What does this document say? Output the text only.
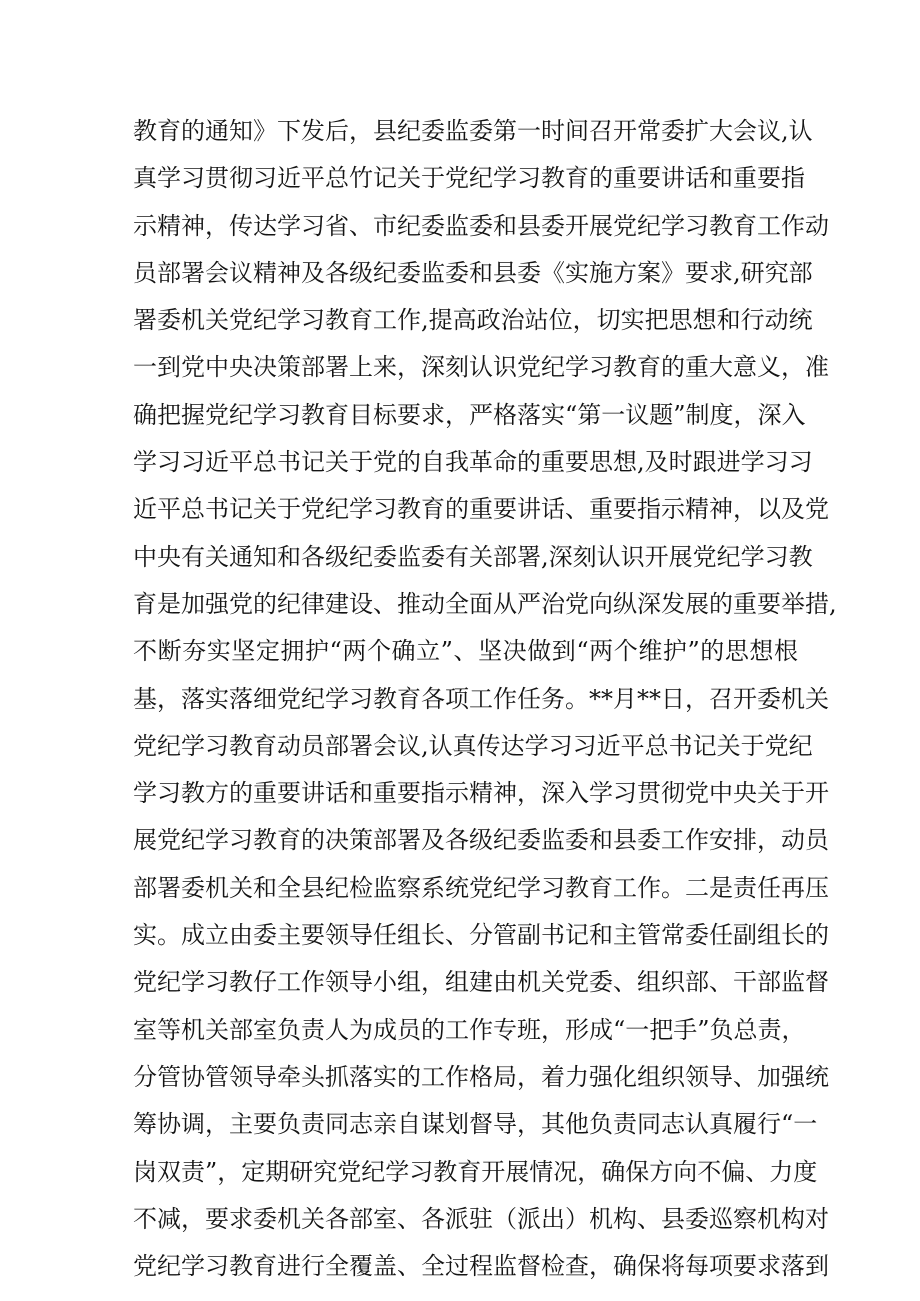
教育的通知》下发后，县纪委监委第一时间召开常委扩大会议,认
真学习贯彻习近平总竹记关于党纪学习教育的重要讲话和重要指
示精神，传达学习省、市纪委监委和县委开展党纪学习教育工作动
员部署会议精神及各级纪委监委和县委《实施方案》要求,研究部
署委机关党纪学习教育工作,提高政治站位，切实把思想和行动统
一到党中央决策部署上来，深刻认识党纪学习教育的重大意义，准
确把握党纪学习教育目标要求，严格落实“第一议题”制度，深入
学习习近平总书记关于党的自我革命的重要思想,及时跟进学习习
近平总书记关于党纪学习教育的重要讲话、重要指示精神，以及党
中央有关通知和各级纪委监委有关部署,深刻认识开展党纪学习教
育是加强党的纪律建设、推动全面从严治党向纵深发展的重要举措,
不断夯实坚定拥护“两个确立”、坚决做到“两个维护”的思想根
基，落实落细党纪学习教育各项工作任务。**月**日，召开委机关
党纪学习教育动员部署会议,认真传达学习习近平总书记关于党纪
学习教方的重要讲话和重要指示精神，深入学习贯彻党中央关于开
展党纪学习教育的决策部署及各级纪委监委和县委工作安排，动员
部署委机关和全县纪检监察系统党纪学习教育工作。二是责任再压
实。成立由委主要领导任组长、分管副书记和主管常委任副组长的
党纪学习教仔工作领导小组，组建由机关党委、组织部、干部监督
室等机关部室负责人为成员的工作专班，形成“一把手”负总责，
分管协管领导牵头抓落实的工作格局，着力强化组织领导、加强统
筹协调，主要负责同志亲自谋划督导，其他负责同志认真履行“一
岗双责”，定期研究党纪学习教育开展情况，确保方向不偏、力度
不减，要求委机关各部室、各派驻（派出）机构、县委巡察机构对
党纪学习教育进行全覆盖、全过程监督检查，确保将每项要求落到
